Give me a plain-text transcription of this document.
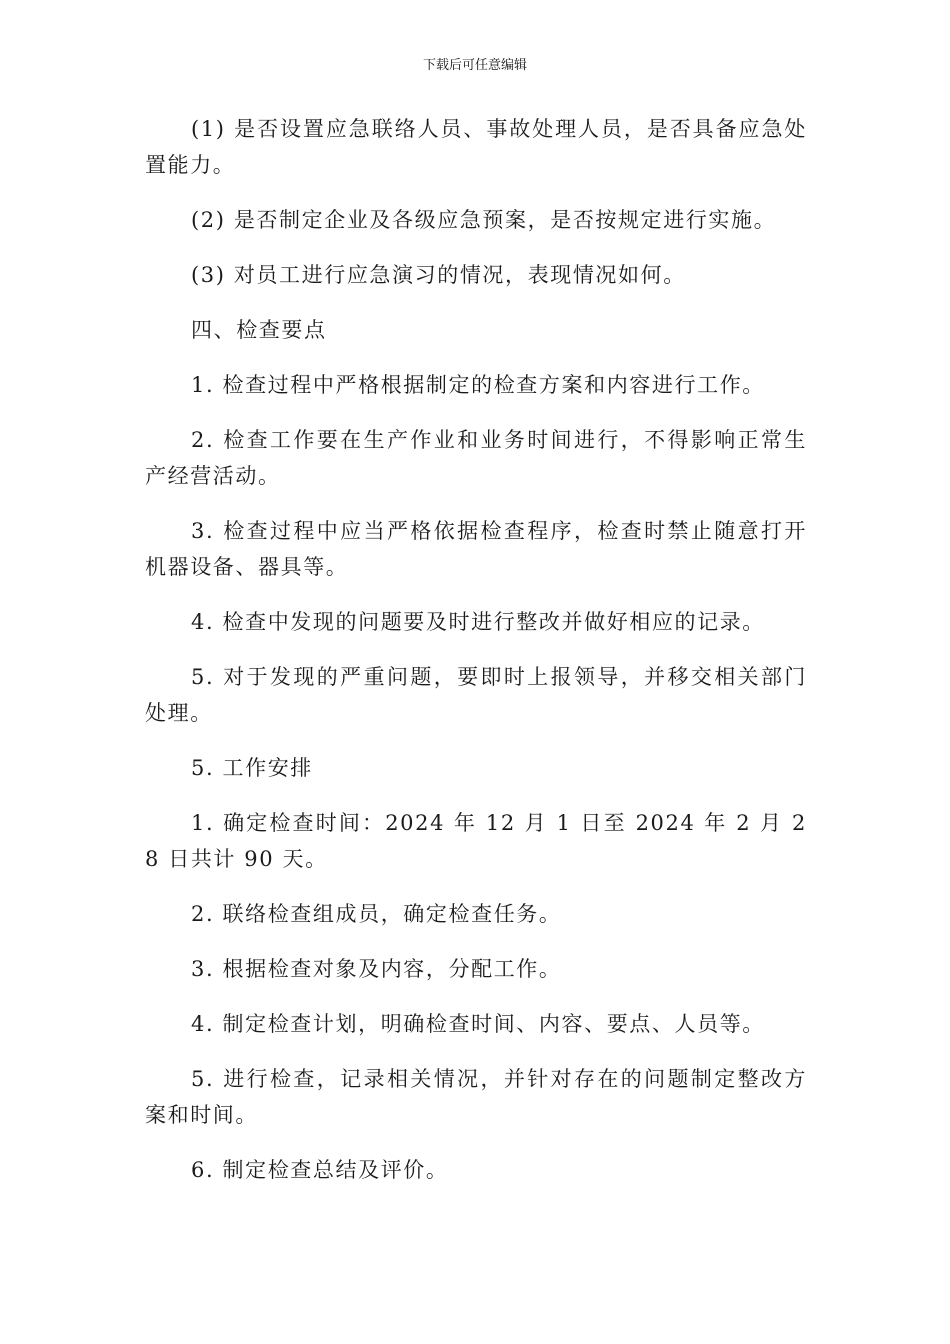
下载后可任意编辑

(1) 是否设置应急联络人员、事故处理人员，是否具备应急处置能力。

(2) 是否制定企业及各级应急预案，是否按规定进行实施。

(3) 对员工进行应急演习的情况，表现情况如何。

四、检查要点

1. 检查过程中严格根据制定的检查方案和内容进行工作。

2. 检查工作要在生产作业和业务时间进行，不得影响正常生产经营活动。

3. 检查过程中应当严格依据检查程序，检查时禁止随意打开机器设备、器具等。

4. 检查中发现的问题要及时进行整改并做好相应的记录。

5. 对于发现的严重问题，要即时上报领导，并移交相关部门处理。

5. 工作安排

1. 确定检查时间：2024 年 12 月 1 日至 2024 年 2 月 28 日共计 90 天。

2. 联络检查组成员，确定检查任务。

3. 根据检查对象及内容，分配工作。

4. 制定检查计划，明确检查时间、内容、要点、人员等。

5. 进行检查，记录相关情况，并针对存在的问题制定整改方案和时间。

6. 制定检查总结及评价。
